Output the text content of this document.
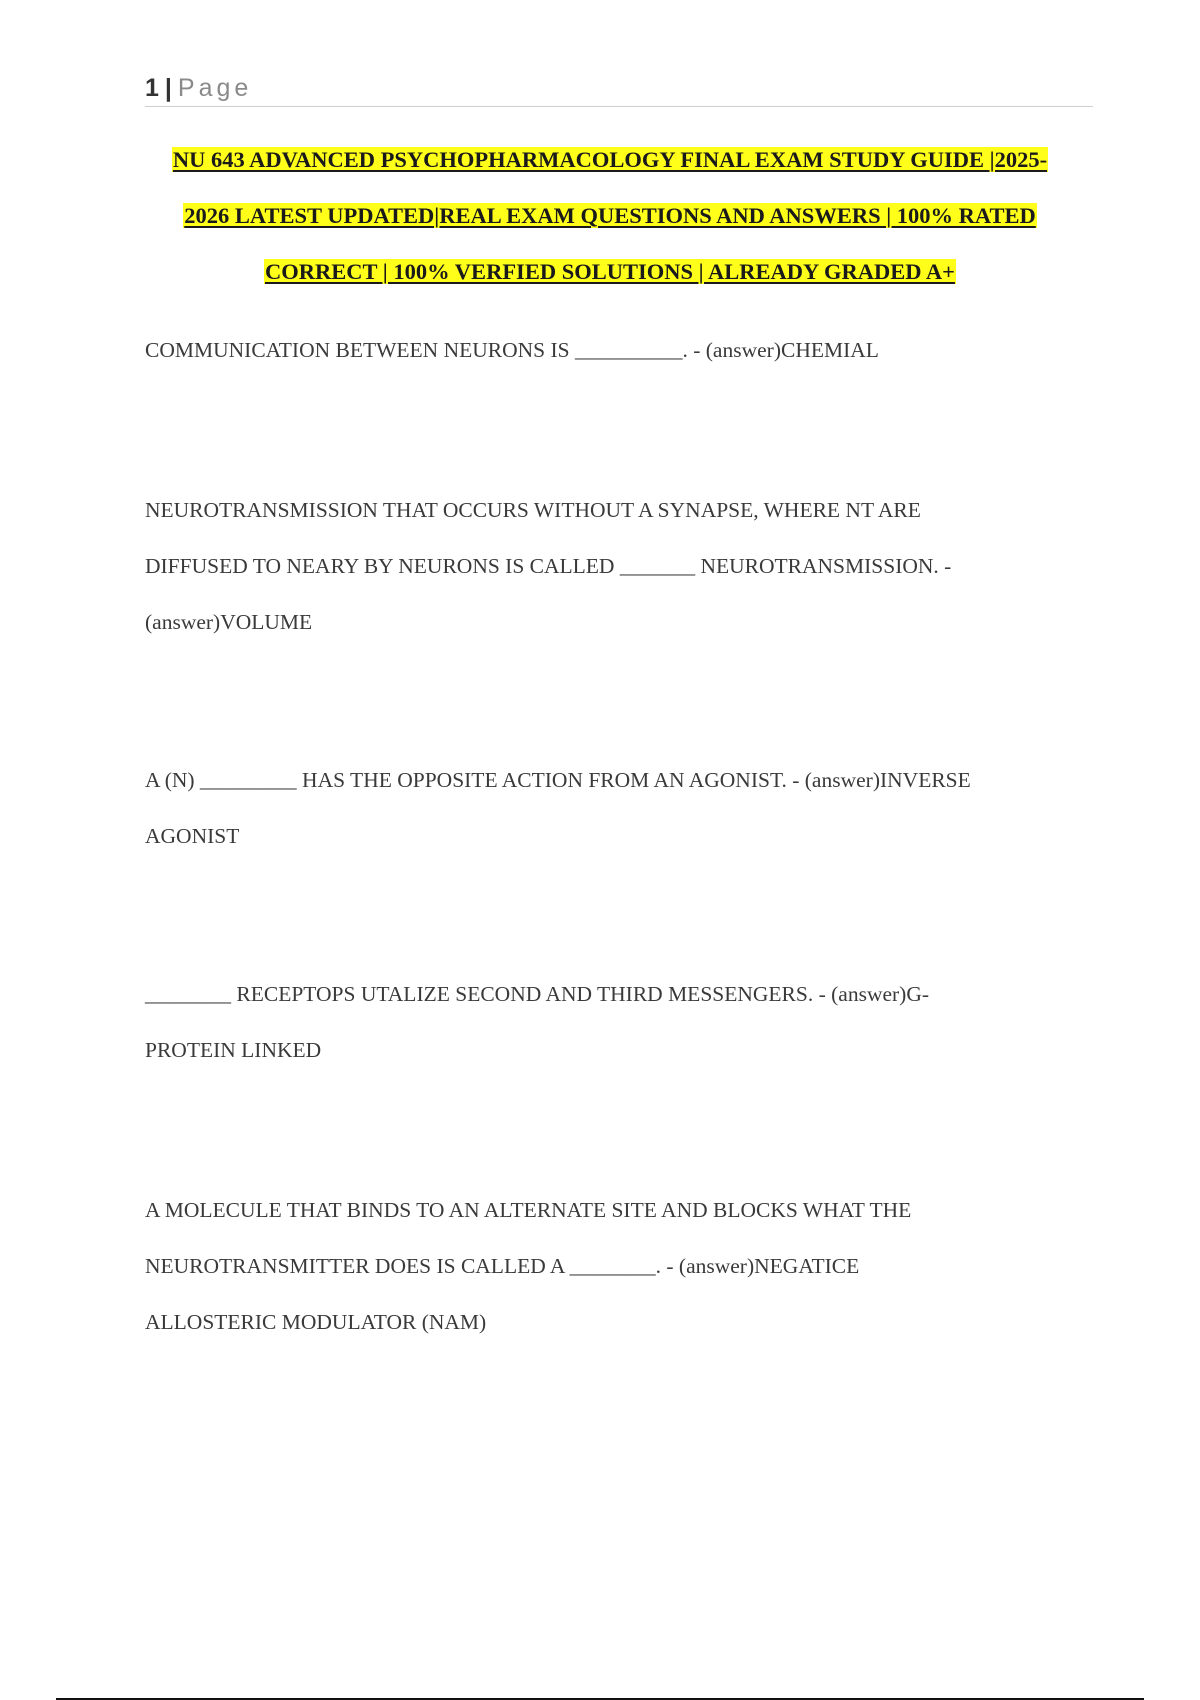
1 | Page
NU 643 ADVANCED PSYCHOPHARMACOLOGY FINAL EXAM STUDY GUIDE |2025-
2026 LATEST UPDATED|REAL EXAM QUESTIONS AND ANSWERS | 100% RATED
CORRECT | 100% VERFIED SOLUTIONS | ALREADY GRADED A+
COMMUNICATION BETWEEN NEURONS IS __________. - (answer)CHEMIAL
NEUROTRANSMISSION THAT OCCURS WITHOUT A SYNAPSE, WHERE NT ARE
DIFFUSED TO NEARY BY NEURONS IS CALLED _______ NEUROTRANSMISSION. -
(answer)VOLUME
A (N) _________ HAS THE OPPOSITE ACTION FROM AN AGONIST. - (answer)INVERSE
AGONIST
________ RECEPTOPS UTALIZE SECOND AND THIRD MESSENGERS. - (answer)G-
PROTEIN LINKED
A MOLECULE THAT BINDS TO AN ALTERNATE SITE AND BLOCKS WHAT THE
NEUROTRANSMITTER DOES IS CALLED A ________. - (answer)NEGATICE
ALLOSTERIC MODULATOR (NAM)
